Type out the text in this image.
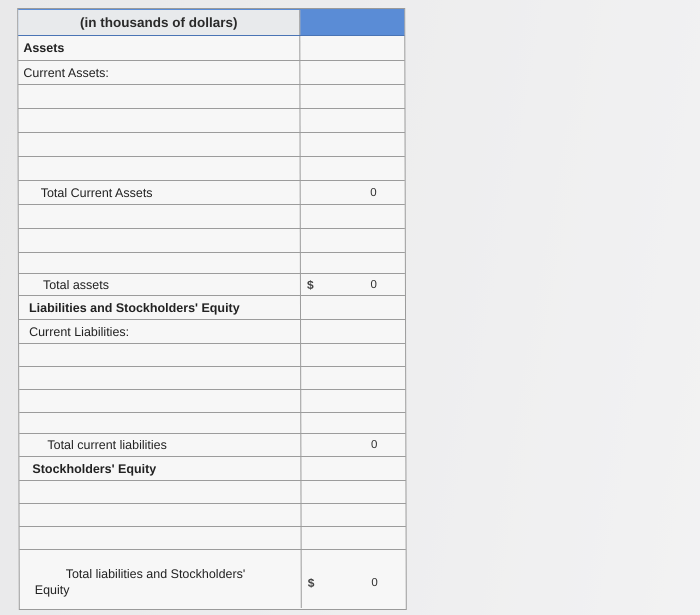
(in thousands of dollars)
Assets
Current Assets:
Total Current Assets	0
Total assets	$	0
Liabilities and Stockholders' Equity
Current Liabilities:
Total current liabilities	0
Stockholders' Equity
Total liabilities and Stockholders'
Equity	$	0
